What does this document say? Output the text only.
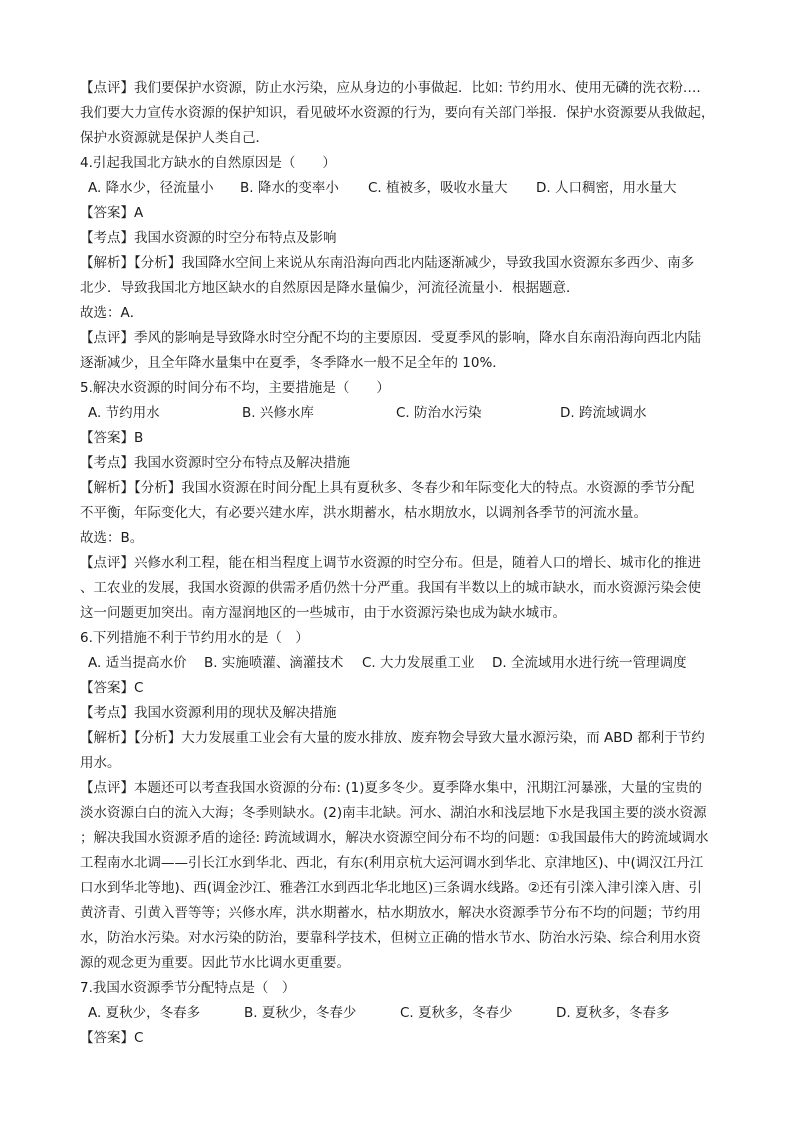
【点评】我们要保护水资源，防止水污染，应从身边的小事做起．比如: 节约用水、使用无磷的洗衣粉….
我们要大力宣传水资源的保护知识，看见破坏水资源的行为，要向有关部门举报．保护水资源要从我做起，
保护水资源就是保护人类自己．
4.引起我国北方缺水的自然原因是（　　）
A. 降水少，径流量小	B. 降水的变率小	C. 植被多，吸收水量大	D. 人口稠密，用水量大
【答案】A
【考点】我国水资源的时空分布特点及影响
【解析】【分析】我国降水空间上来说从东南沿海向西北内陆逐渐减少，导致我国水资源东多西少、南多
北少．导致我国北方地区缺水的自然原因是降水量偏少，河流径流量小．根据题意．
故选：A．
【点评】季风的影响是导致降水时空分配不均的主要原因．受夏季风的影响，降水自东南沿海向西北内陆
逐渐减少，且全年降水量集中在夏季，冬季降水一般不足全年的 10%．
5.解决水资源的时间分布不均，主要措施是（　　）
A. 节约用水	B. 兴修水库	C. 防治水污染	D. 跨流域调水
【答案】B
【考点】我国水资源时空分布特点及解决措施
【解析】【分析】我国水资源在时间分配上具有夏秋多、冬春少和年际变化大的特点。水资源的季节分配
不平衡，年际变化大，有必要兴建水库，洪水期蓄水，枯水期放水，以调剂各季节的河流水量。
故选：B。
【点评】兴修水利工程，能在相当程度上调节水资源的时空分布。但是，随着人口的增长、城市化的推进
、工农业的发展，我国水资源的供需矛盾仍然十分严重。我国有半数以上的城市缺水，而水资源污染会使
这一问题更加突出。南方湿润地区的一些城市，由于水资源污染也成为缺水城市。
6.下列措施不利于节约用水的是（　）
A. 适当提高水价	B. 实施喷灌、滴灌技术	C. 大力发展重工业	D. 全流域用水进行统一管理调度
【答案】C
【考点】我国水资源利用的现状及解决措施
【解析】【分析】大力发展重工业会有大量的废水排放、废弃物会导致大量水源污染，而 ABD 都利于节约
用水。
【点评】本题还可以考查我国水资源的分布: (1)夏多冬少。夏季降水集中，汛期江河暴涨，大量的宝贵的
淡水资源白白的流入大海；冬季则缺水。(2)南丰北缺。河水、湖泊水和浅层地下水是我国主要的淡水资源
；解决我国水资源矛盾的途径: 跨流域调水，解决水资源空间分布不均的问题：①我国最伟大的跨流域调水
工程南水北调——引长江水到华北、西北，有东(利用京杭大运河调水到华北、京津地区)、中(调汉江丹江
口水到华北等地)、西(调金沙江、雅砻江水到西北华北地区)三条调水线路。②还有引滦入津引滦入唐、引
黄济青、引黄入晋等等；兴修水库，洪水期蓄水，枯水期放水，解决水资源季节分布不均的问题；节约用
水，防治水污染。对水污染的防治，要靠科学技术，但树立正确的惜水节水、防治水污染、综合利用水资
源的观念更为重要。因此节水比调水更重要。
7.我国水资源季节分配特点是（　）
A. 夏秋少，冬春多	B. 夏秋少，冬春少	C. 夏秋多，冬春少	D. 夏秋多，冬春多
【答案】C
